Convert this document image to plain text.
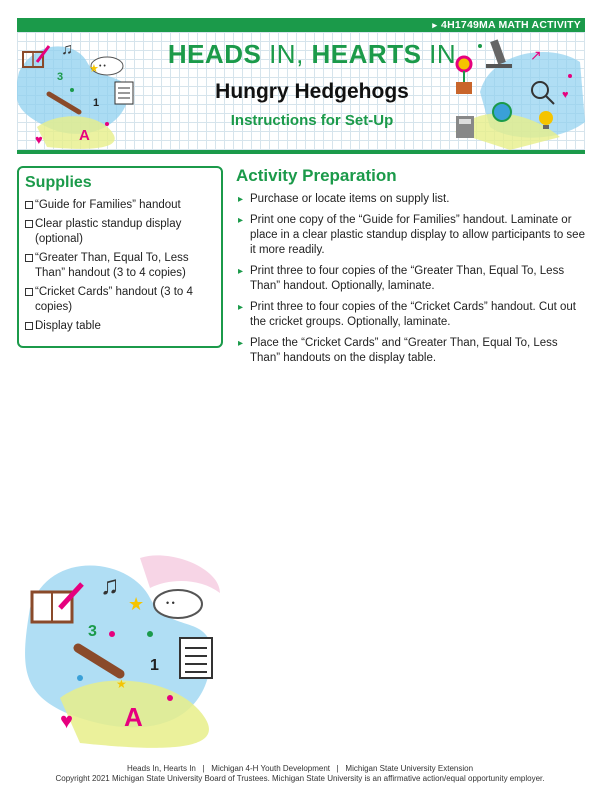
▸ 4H1749MA MATH ACTIVITY
♫
• •
3
1
♥ A
★	HEADS IN, HEARTS IN
Hungry Hedgehogs
Instructions for Set-Up
↗
♥
Supplies
“Guide for Families” handout
Clear plastic standup display (optional)
“Greater Than, Equal To, Less Than” handout (3 to 4 copies)
“Cricket Cards” handout (3 to 4 copies)
Display table
Activity Preparation
▸ Purchase or locate items on supply list.
▸ Print one copy of the “Guide for Families” handout. Laminate or place in a clear plastic standup display to allow participants to see it more readily.
▸ Print three to four copies of the “Greater Than, Equal To, Less Than” handout. Optionally, laminate.
▸ Print three to four copies of the “Cricket Cards” handout. Cut out the cricket groups. Optionally, laminate.
▸ Place the “Cricket Cards” and “Greater Than, Equal To, Less Than” handouts on the display table.
♫
★ • •
3
1
♥ A
★
Heads In, Hearts In   |   Michigan 4-H Youth Development   |   Michigan State University Extension
Copyright 2021 Michigan State University Board of Trustees. Michigan State University is an affirmative action/equal opportunity employer.
